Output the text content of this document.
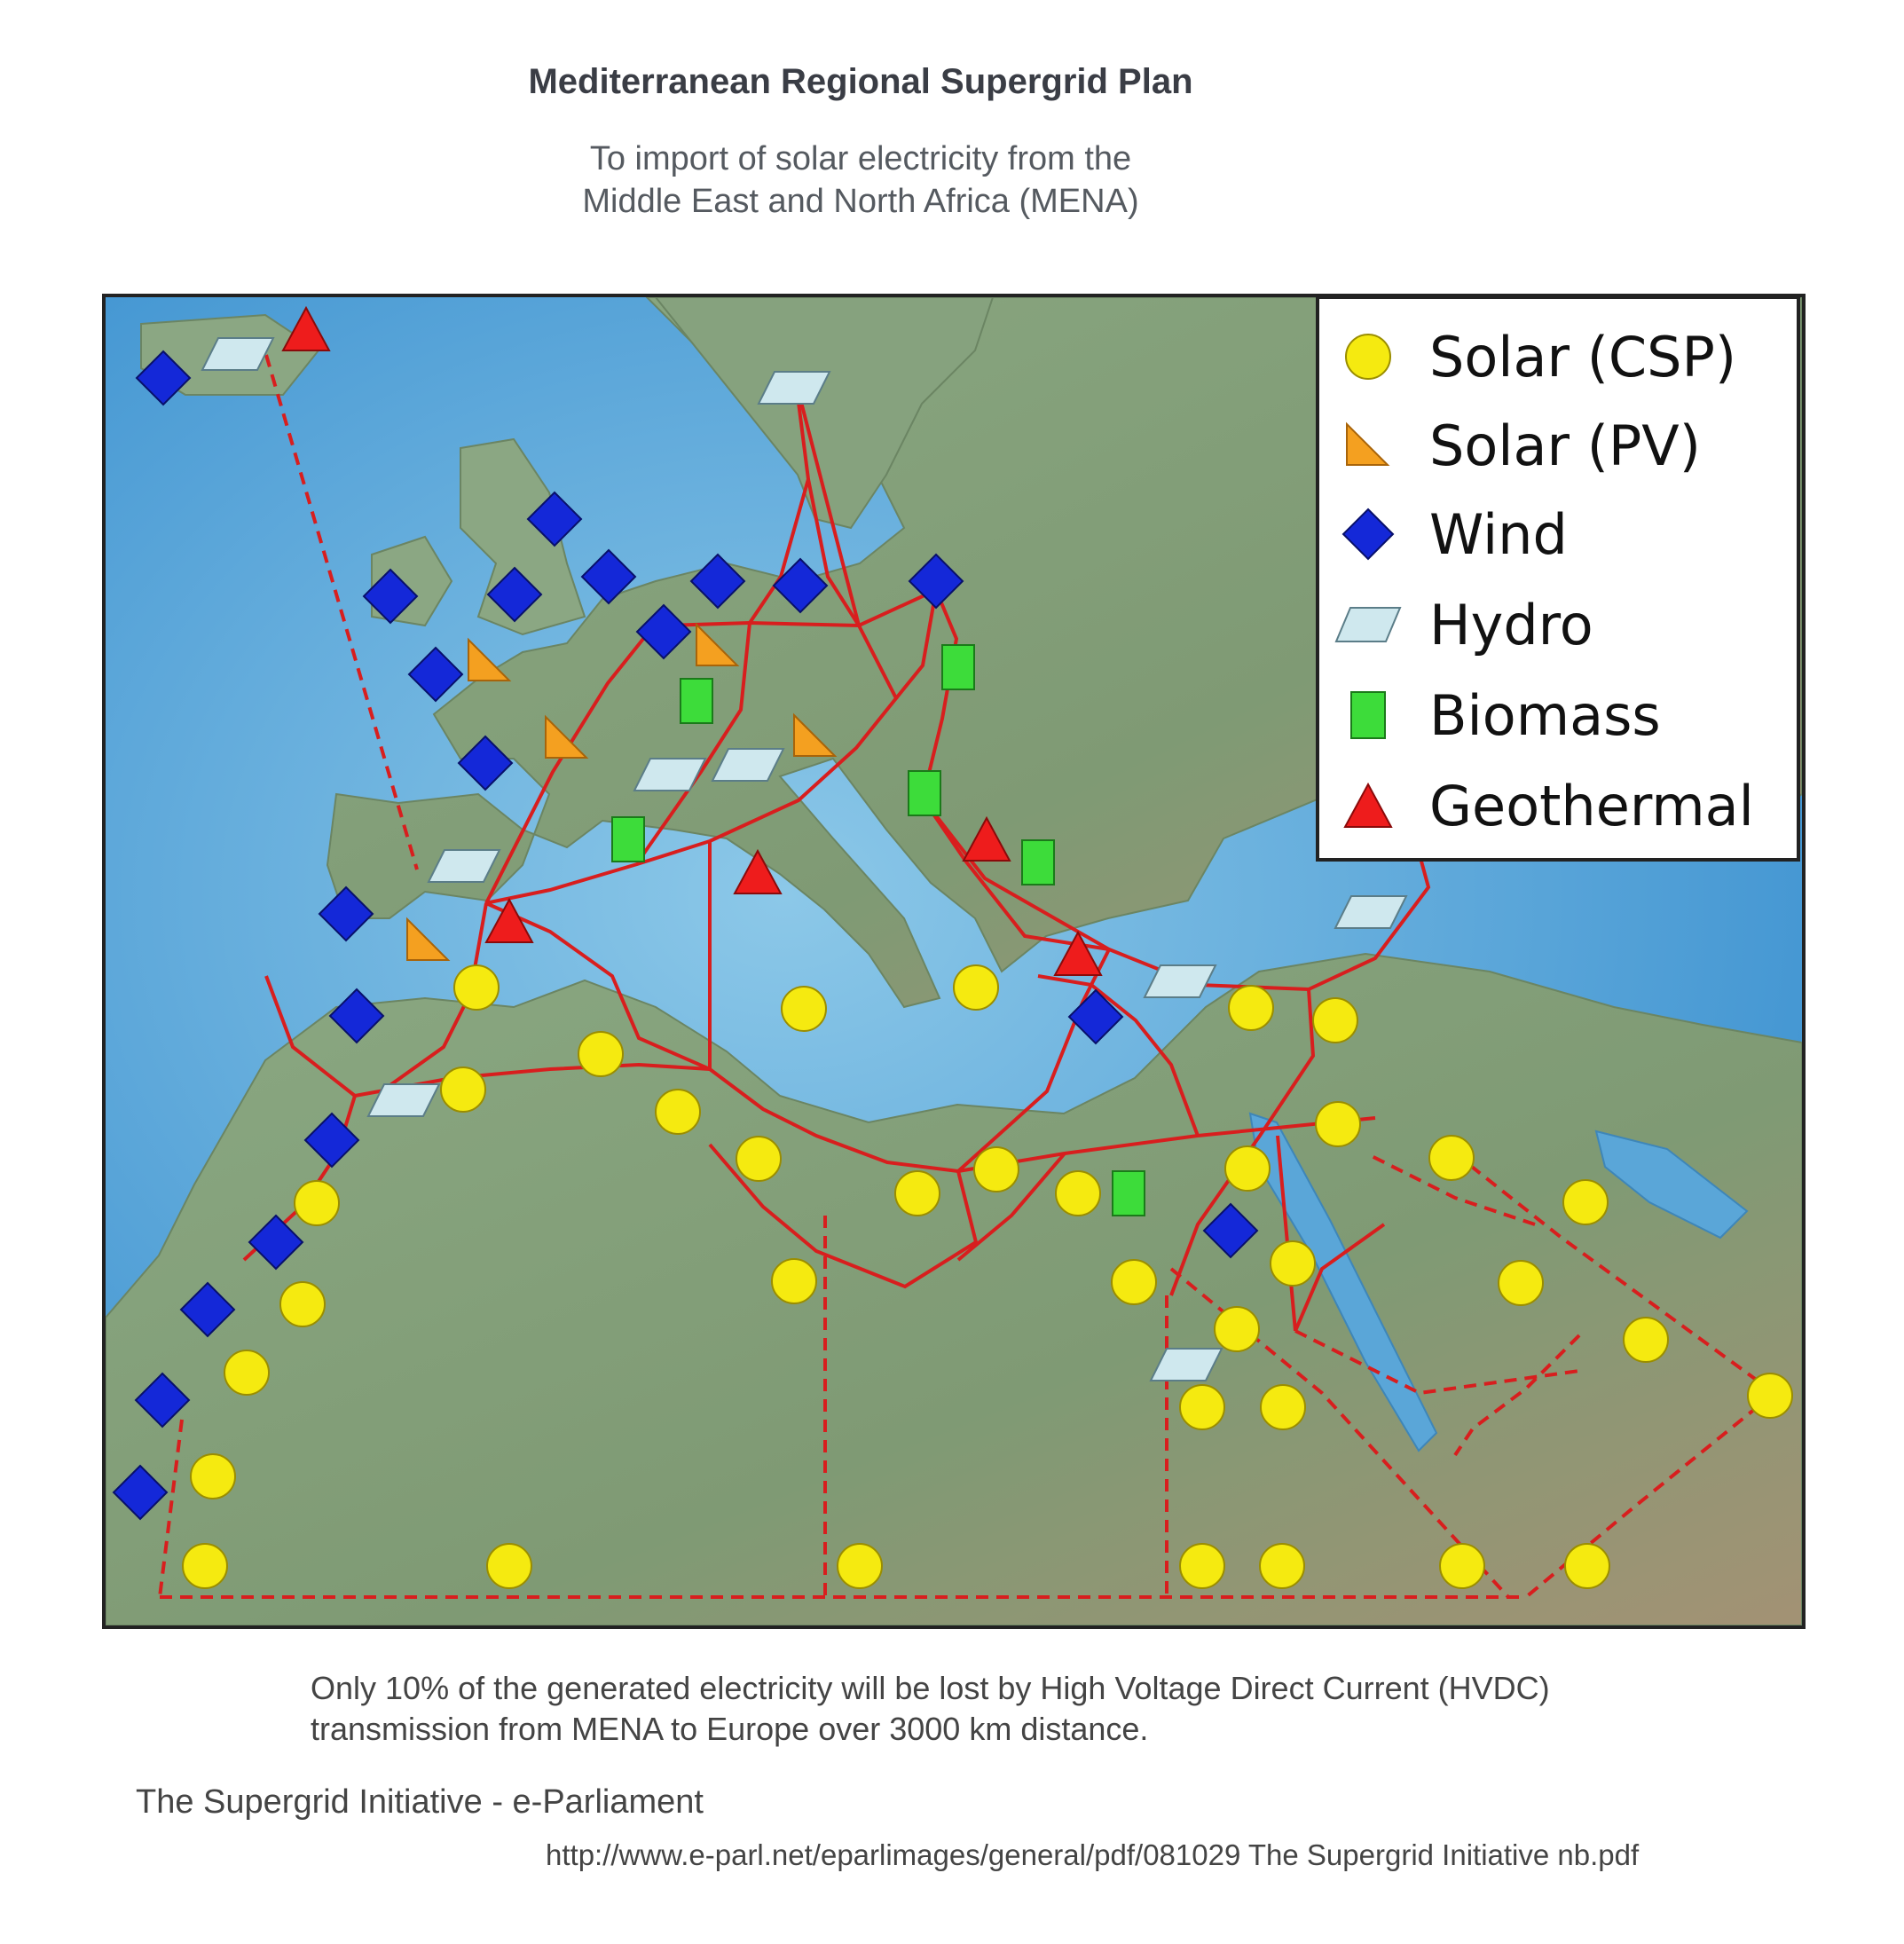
Mediterranean Regional Supergrid Plan
To import of solar electricity from the
Middle East and North Africa (MENA)
Solar (CSP)
Solar (PV)
Wind
Hydro
Biomass
Geothermal
Only 10% of the generated electricity will be lost by High Voltage Direct Current (HVDC)
transmission from MENA to Europe over 3000 km distance.
The Supergrid Initiative - e-Parliament
http://www.e-parl.net/eparlimages/general/pdf/081029 The Supergrid Initiative nb.pdf
